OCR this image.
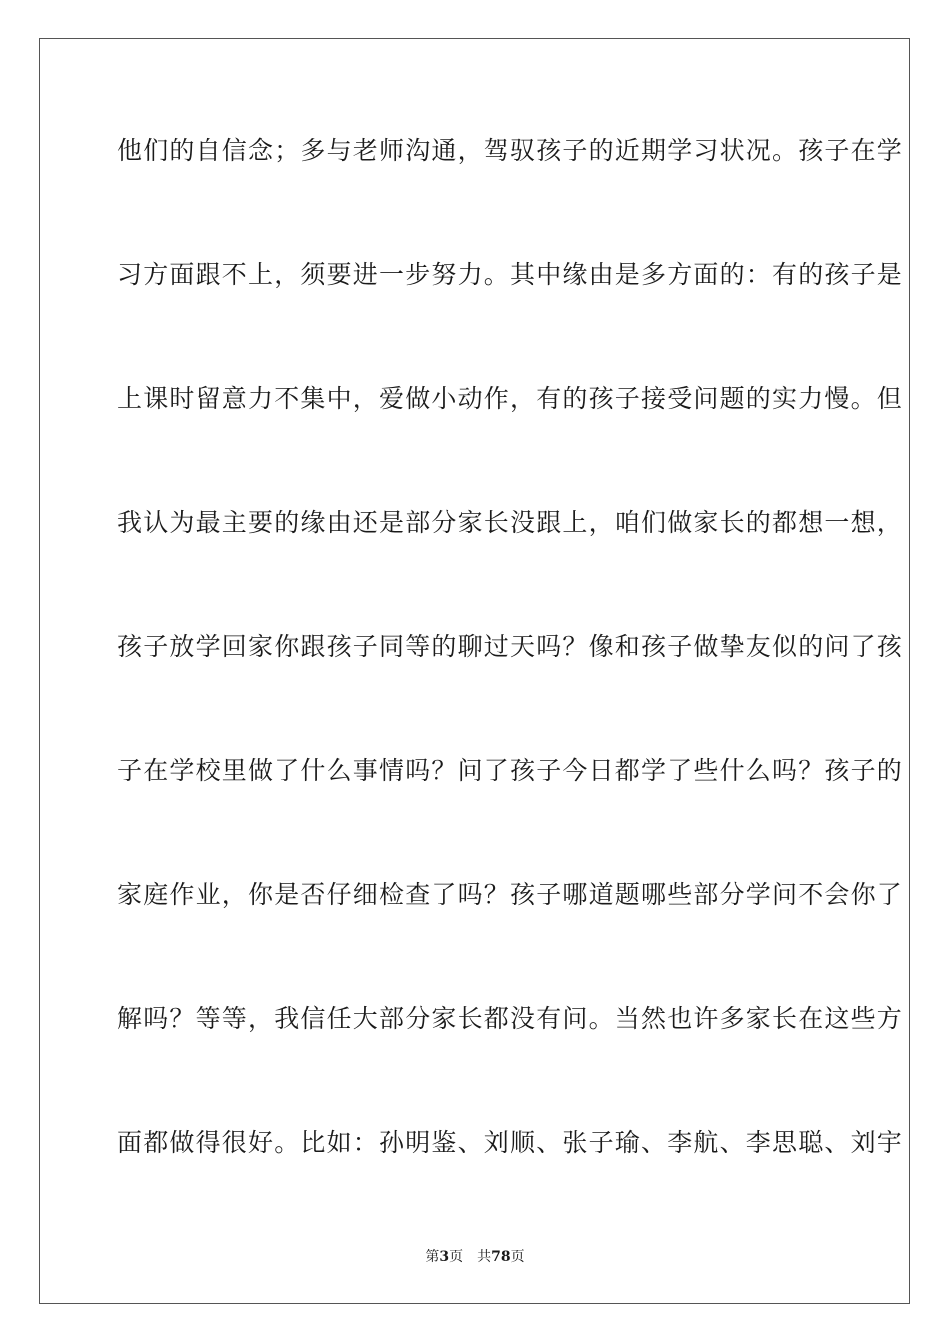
他们的自信念；多与老师沟通，驾驭孩子的近期学习状况。孩子在学
习方面跟不上，须要进一步努力。其中缘由是多方面的：有的孩子是
上课时留意力不集中，爱做小动作，有的孩子接受问题的实力慢。但
我认为最主要的缘由还是部分家长没跟上，咱们做家长的都想一想，
孩子放学回家你跟孩子同等的聊过天吗？像和孩子做挚友似的问了孩
子在学校里做了什么事情吗？问了孩子今日都学了些什么吗？孩子的
家庭作业，你是否仔细检查了吗？孩子哪道题哪些部分学问不会你了
解吗？等等，我信任大部分家长都没有问。当然也许多家长在这些方
面都做得很好。比如：孙明鉴、刘顺、张子瑜、李航、李思聪、刘宇
第3页 共78页
